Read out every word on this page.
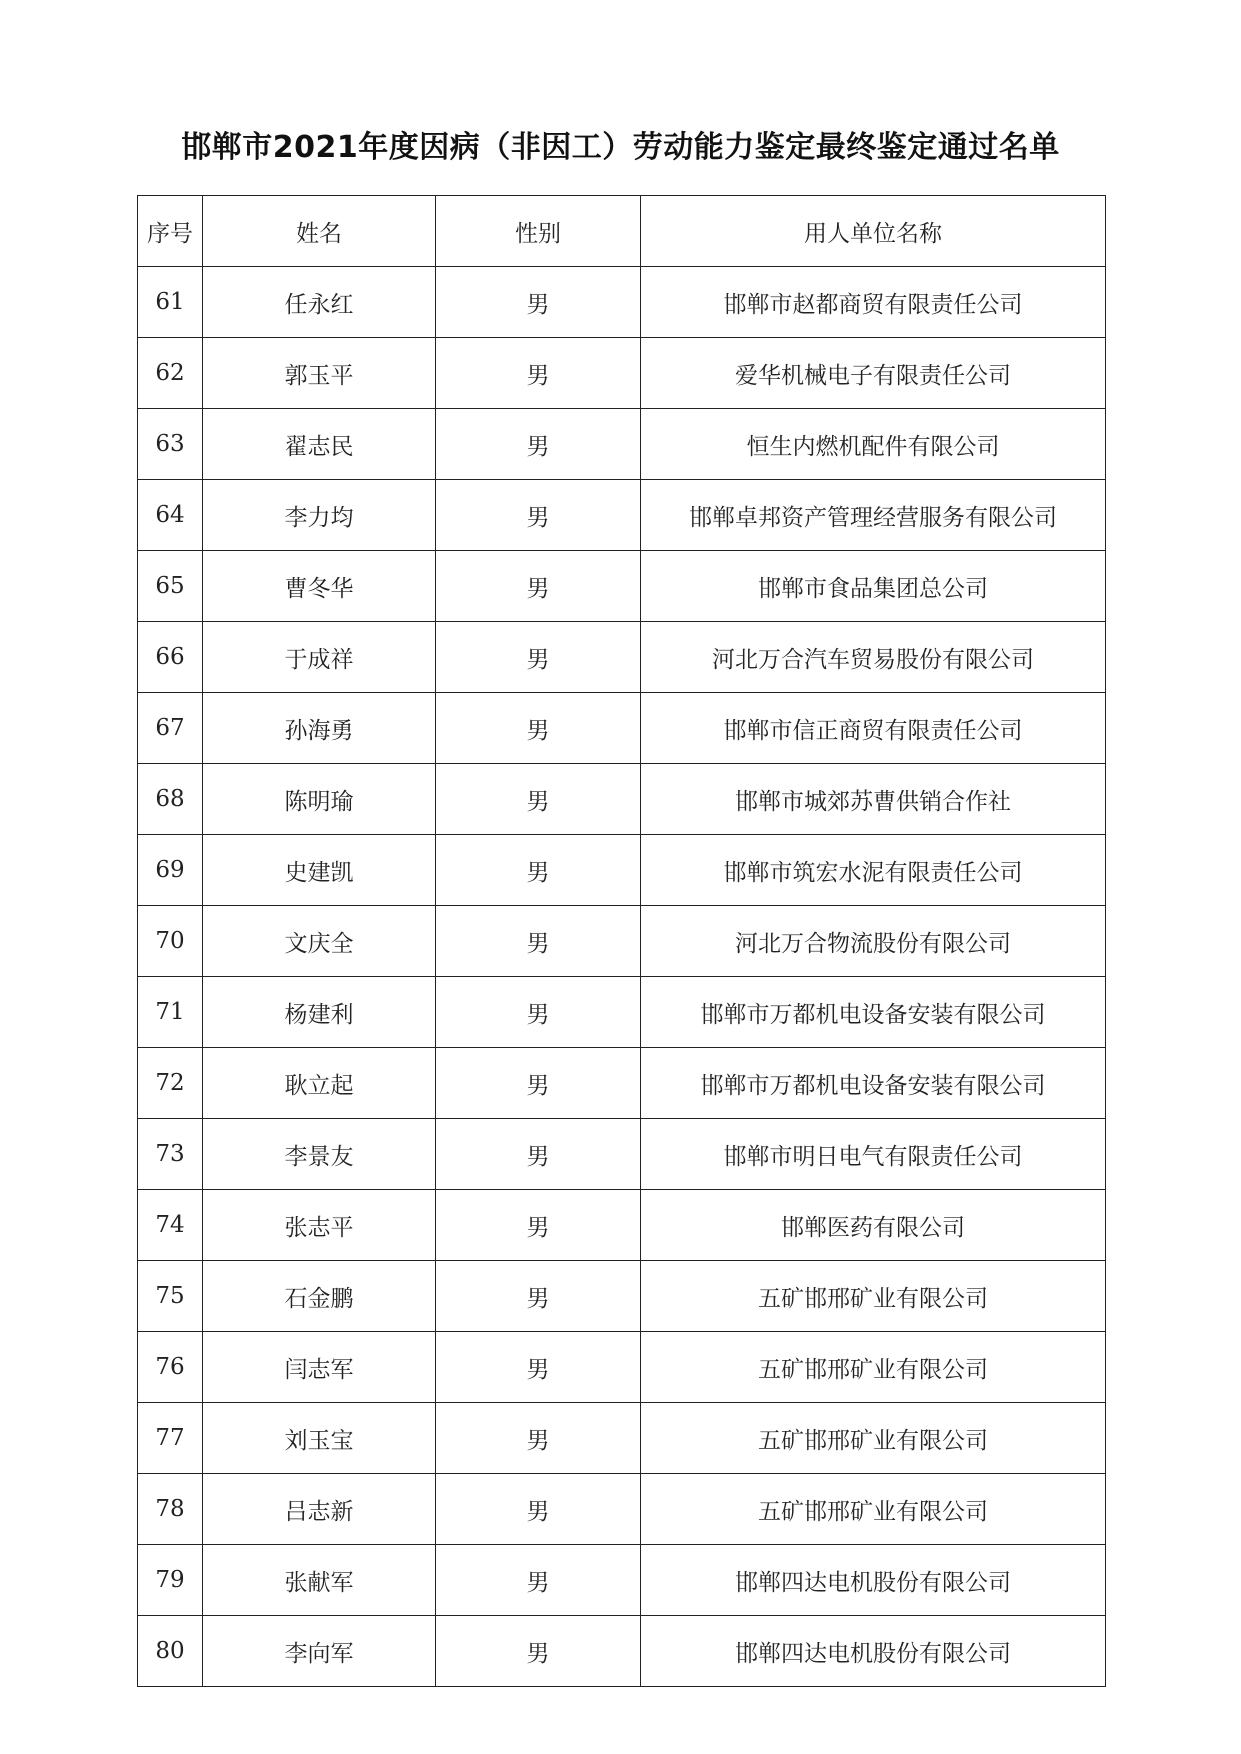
邯郸市2021年度因病（非因工）劳动能力鉴定最终鉴定通过名单
序号	姓名	性别	用人单位名称
61	任永红	男	邯郸市赵都商贸有限责任公司
62	郭玉平	男	爱华机械电子有限责任公司
63	翟志民	男	恒生内燃机配件有限公司
64	李力均	男	邯郸卓邦资产管理经营服务有限公司
65	曹冬华	男	邯郸市食品集团总公司
66	于成祥	男	河北万合汽车贸易股份有限公司
67	孙海勇	男	邯郸市信正商贸有限责任公司
68	陈明瑜	男	邯郸市城郊苏曹供销合作社
69	史建凯	男	邯郸市筑宏水泥有限责任公司
70	文庆全	男	河北万合物流股份有限公司
71	杨建利	男	邯郸市万都机电设备安装有限公司
72	耿立起	男	邯郸市万都机电设备安装有限公司
73	李景友	男	邯郸市明日电气有限责任公司
74	张志平	男	邯郸医药有限公司
75	石金鹏	男	五矿邯邢矿业有限公司
76	闫志军	男	五矿邯邢矿业有限公司
77	刘玉宝	男	五矿邯邢矿业有限公司
78	吕志新	男	五矿邯邢矿业有限公司
79	张献军	男	邯郸四达电机股份有限公司
80	李向军	男	邯郸四达电机股份有限公司
